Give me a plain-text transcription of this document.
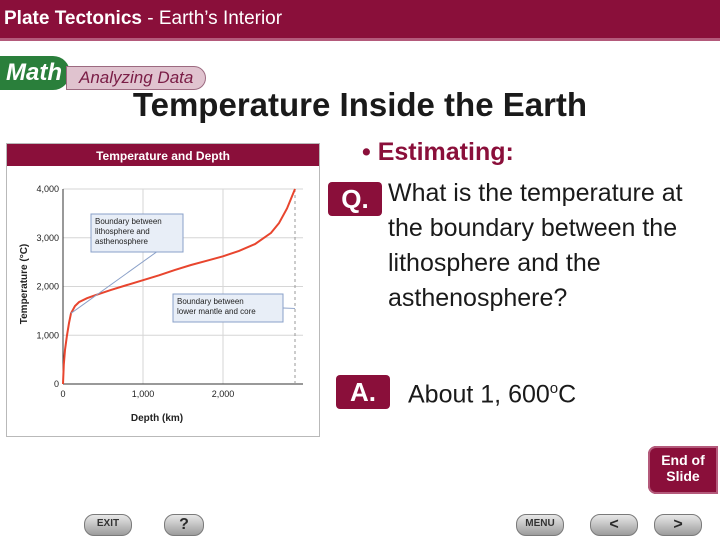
Plate Tectonics - Earth’s Interior
Math Analyzing Data
Temperature Inside the Earth
Temperature and Depth
0
1,000
2,000
3,000
4,000
0	1,000	2,000
Boundary between lithosphere and asthenosphere
Boundary between lower mantle and core
Depth (km)
Temperature (°C)
• Estimating:
Q. What is the temperature at the boundary between the lithosphere and the asthenosphere?
A.	About 1, 600$^o$C
End of
Slide
EXIT	?	MENU	<	>
